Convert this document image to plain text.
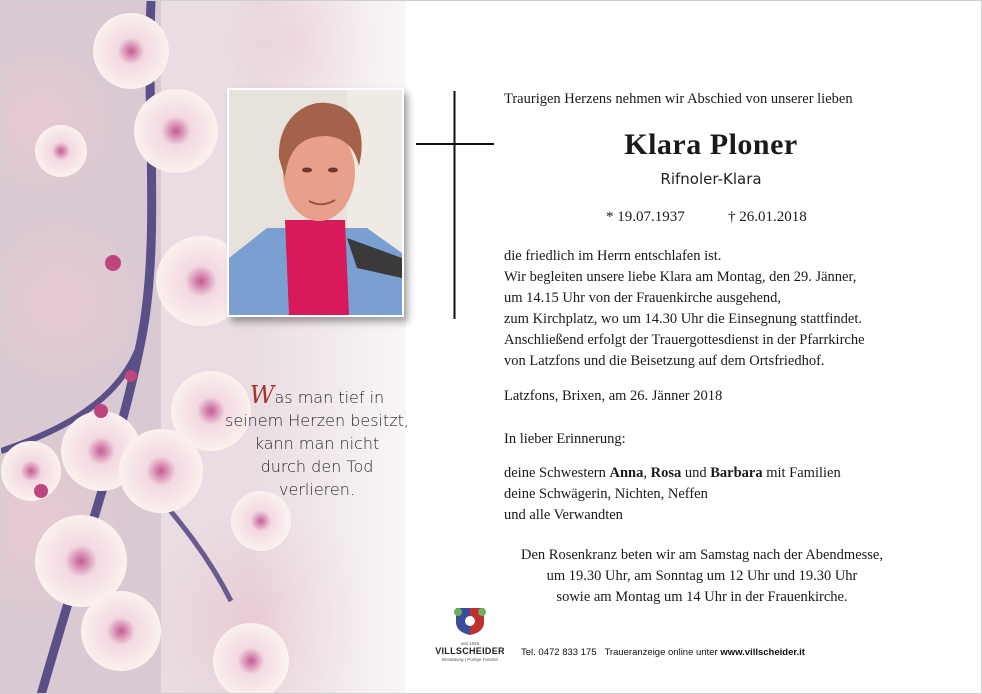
Was man tief in
seinem Herzen besitzt,
kann man nicht
durch den Tod
verlieren.
Traurigen Herzens nehmen wir Abschied von unserer lieben
Klara Ploner
Rifnoler-Klara
* 19.07.1937	† 26.01.2018
die friedlich im Herrn entschlafen ist.
Wir begleiten unsere liebe Klara am Montag, den 29. Jänner,
um 14.15 Uhr von der Frauenkirche ausgehend,
zum Kirchplatz, wo um 14.30 Uhr die Einsegnung stattfindet.
Anschließend erfolgt der Trauergottesdienst in der Pfarrkirche
von Latzfons und die Beisetzung auf dem Ortsfriedhof.
Latzfons, Brixen, am 26. Jänner 2018
In lieber Erinnerung:
deine Schwestern Anna, Rosa und Barbara mit Familien
deine Schwägerin, Nichten, Neffen
und alle Verwandten
Den Rosenkranz beten wir am Samstag nach der Abendmesse,
um 19.30 Uhr, am Sonntag um 12 Uhr und 19.30 Uhr
sowie am Montag um 14 Uhr in der Frauenkirche.
seit 1926
VILLSCHEIDER
Bestattung | Pompe Funebri
Tel. 0472 833 175 Traueranzeige online unter www.villscheider.it
